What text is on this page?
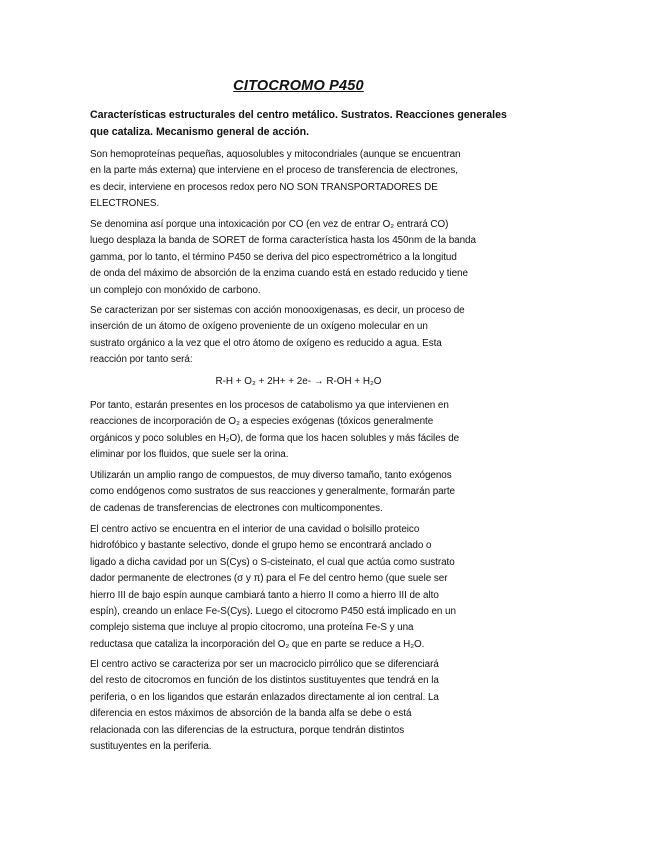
CITOCROMO P450
Características estructurales del centro metálico. Sustratos. Reacciones generales
que cataliza. Mecanismo general de acción.
Son hemoproteínas pequeñas, aquosolubles y mitocondriales (aunque se encuentran
en la parte más externa) que interviene en el proceso de transferencia de electrones,
es decir, interviene en procesos redox pero NO SON TRANSPORTADORES DE
ELECTRONES.
Se denomina así porque una intoxicación por CO (en vez de entrar O₂ entrará CO)
luego desplaza la banda de SORET de forma característica hasta los 450nm de la banda
gamma, por lo tanto, el término P450 se deriva del pico espectrométrico a la longitud
de onda del máximo de absorción de la enzima cuando está en estado reducido y tiene
un complejo con monóxido de carbono.
Se caracterizan por ser sistemas con acción monooxigenasas, es decir, un proceso de
inserción de un átomo de oxígeno proveniente de un oxígeno molecular en un
sustrato orgánico a la vez que el otro átomo de oxígeno es reducido a agua. Esta
reacción por tanto será:
R-H + O₂ + 2H+ + 2e- → R-OH + H₂O
Por tanto, estarán presentes en los procesos de catabolismo ya que intervienen en
reacciones de incorporación de O₂ a especies exógenas (tóxicos generalmente
orgánicos y poco solubles en H₂O), de forma que los hacen solubles y más fáciles de
eliminar por los fluidos, que suele ser la orina.
Utilizarán un amplio rango de compuestos, de muy diverso tamaño, tanto exógenos
como endógenos como sustratos de sus reacciones y generalmente, formarán parte
de cadenas de transferencias de electrones con multicomponentes.
El centro activo se encuentra en el interior de una cavidad o bolsillo proteico
hidrofóbico y bastante selectivo, donde el grupo hemo se encontrará anclado o
ligado a dicha cavidad por un S(Cys) o S-cisteinato, el cual que actúa como sustrato
dador permanente de electrones (σ y π) para el Fe del centro hemo (que suele ser
hierro III de bajo espín aunque cambiará tanto a hierro II como a hierro III de alto
espín), creando un enlace Fe-S(Cys). Luego el citocromo P450 está implicado en un
complejo sistema que incluye al propio citocromo, una proteína Fe-S y una
reductasa que cataliza la incorporación del O₂ que en parte se reduce a H₂O.
El centro activo se caracteriza por ser un macrociclo pirrólico que se diferenciará
del resto de citocromos en función de los distintos sustituyentes que tendrá en la
periferia, o en los ligandos que estarán enlazados directamente al ion central. La
diferencia en estos máximos de absorción de la banda alfa se debe o está
relacionada con las diferencias de la estructura, porque tendrán distintos
sustituyentes en la periferia.
